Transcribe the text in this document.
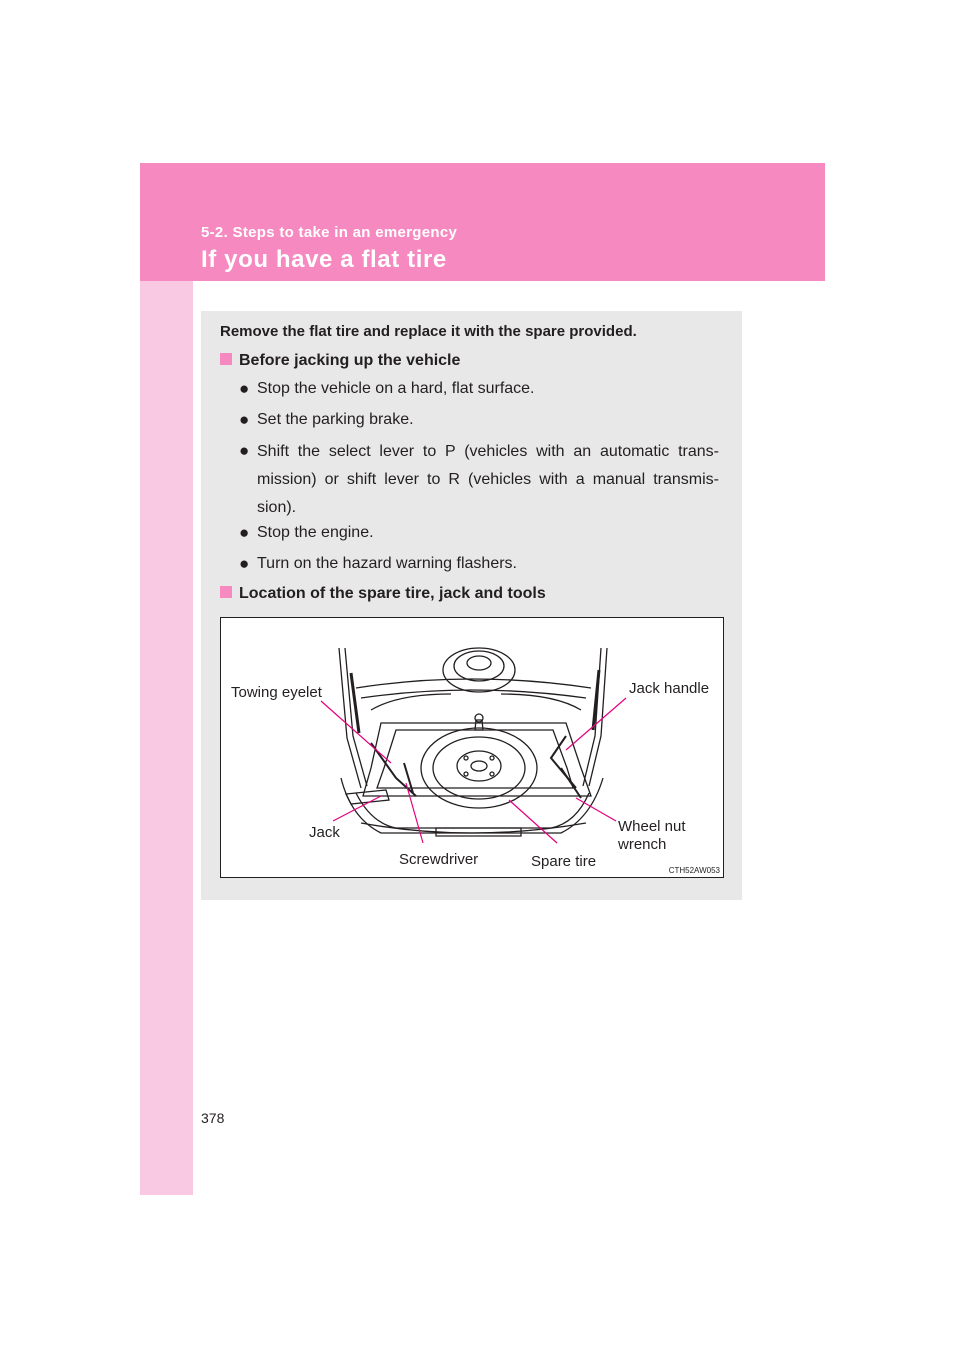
5-2. Steps to take in an emergency
If you have a flat tire
Remove the flat tire and replace it with the spare provided.
Before jacking up the vehicle
● Stop the vehicle on a hard, flat surface.
● Set the parking brake.
● Shift the select lever to P (vehicles with an automatic trans-
mission) or shift lever to R (vehicles with a manual transmis-
sion).
● Stop the engine.
● Turn on the hazard warning flashers.
Location of the spare tire, jack and tools
Towing eyelet	Jack handle
Jack	Wheel nut
wrench
Screwdriver	Spare tire
CTH52AW053
378
